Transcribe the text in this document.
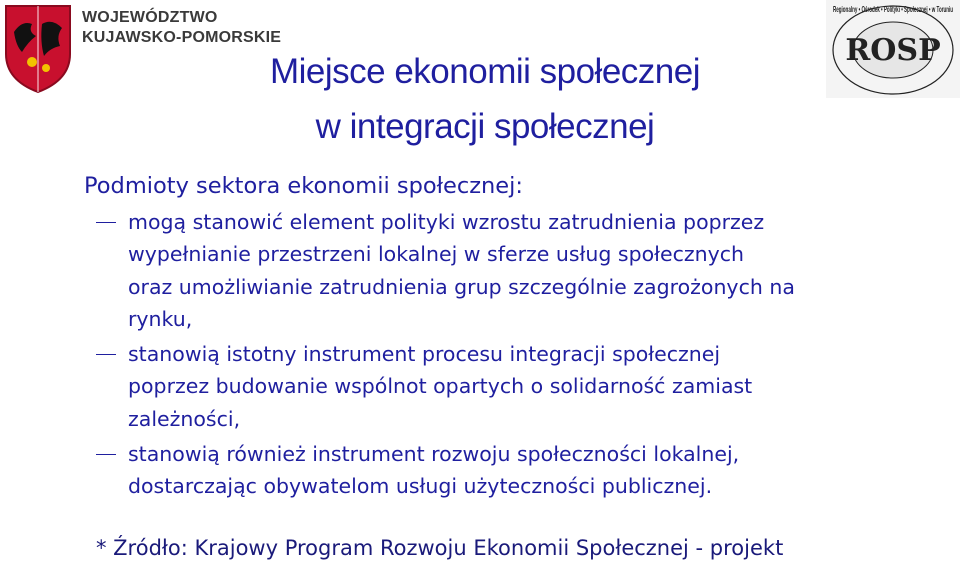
WOJEWÓDZTWO
KUJAWSKO-POMORSKIE	ROSP
Regionalny • Ośrodek • Polityki • Społecznej • w Toruniu
Miejsce ekonomii społecznej
w integracji społecznej
Podmioty sektora ekonomii społecznej:
mogą stanowić element polityki wzrostu zatrudnienia poprzez
wypełnianie przestrzeni lokalnej w sferze usług społecznych
oraz umożliwianie zatrudnienia grup szczególnie zagrożonych na
rynku,
stanowią istotny instrument procesu integracji społecznej
poprzez budowanie wspólnot opartych o solidarność zamiast
zależności,
stanowią również instrument rozwoju społeczności lokalnej,
dostarczając obywatelom usługi użyteczności publicznej.
* Źródło: Krajowy Program Rozwoju Ekonomii Społecznej - projekt
